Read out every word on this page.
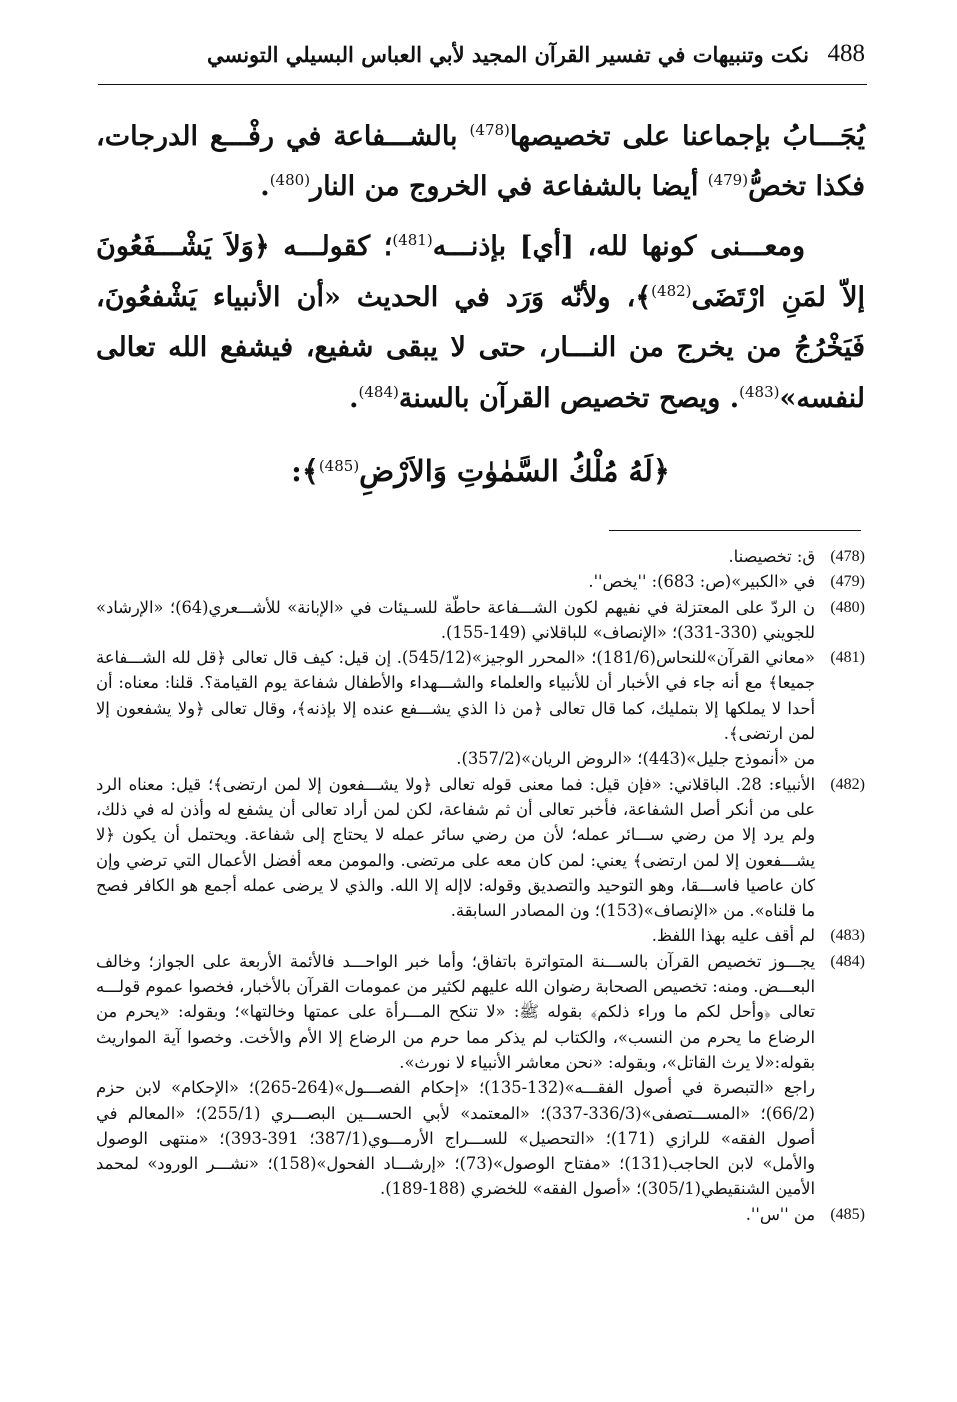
نكت وتنبيهات في تفسير القرآن المجيد لأبي العباس البسيلي التونسي 488

يُجَـــابُ بإجماعنا على تخصيصها$^{(478)}$ بالشـــفاعة في رفْـــع الدرجات، فكذا تخصُّ$^{(479)}$ أيضا بالشفاعة في الخروج من النار$^{(480)}$.

ومعـــنى كونها لله، [أي] بإذنـــه$^{(481)}$؛ كقولـــه ﴿وَلاَ يَشْـــفَعُونَ إلاّ لمَنِ ارْتَضَى$^{(482)}$﴾، ولأنّه وَرَد في الحديث «أن الأنبياء يَشْفعُونَ، فَيَخْرُجُ من يخرج من النـــار، حتى لا يبقى شفيع، فيشفع الله تعالى لنفسه»$^{(483)}$. ويصح تخصيص القرآن بالسنة$^{(484)}$.

﴿لَهُ مُلْكُ السَّمٰوٰتِ وَالاَرْضِ$^{(485)}$﴾:
(478)
ق: تخصيصنا.
(479)
في «الكبير»(ص: 683): ''يخص''.
(480)
ن الردّ على المعتزلة في نفيهم لكون الشـــفاعة حاطّة للسـيئات في «الإبانة» للأشـــعري(64)؛ «الإرشاد» للجويني (330-331)؛ «الإنصاف» للباقلاني (149-155).
(481)
«معاني القرآن»للنحاس(181/6)؛ «المحرر الوجيز»(545/12). إن قيل: كيف قال تعالى ﴿قل لله الشـــفاعة جميعا﴾ مع أنه جاء في الأخبار أن للأنبياء والعلماء والشـــهداء والأطفال شفاعة يوم القيامة؟. قلنا: معناه: أن أحدا لا يملكها إلا بتمليك، كما قال تعالى ﴿من ذا الذي يشـــفع عنده إلا بإذنه﴾، وقال تعالى ﴿ولا يشفعون إلا لمن ارتضى﴾.
من «أنموذج جليل»(443)؛ «الروض الريان»(357/2).
(482)
الأنبياء: 28. الباقلاني: «فإن قيل: فما معنى قوله تعالى ﴿ولا يشـــفعون إلا لمن ارتضى﴾؛ قيل: معناه الرد على من أنكر أصل الشفاعة، فأخبر تعالى أن ثم شفاعة، لكن لمن أراد تعالى أن يشفع له وأذن له في ذلك، ولم يرد إلا من رضي ســـائر عمله؛ لأن من رضي سائر عمله لا يحتاج إلى شفاعة. ويحتمل أن يكون ﴿لا يشـــفعون إلا لمن ارتضى﴾ يعني: لمن كان معه على مرتضى. والمومن معه أفضل الأعمال التي ترضي وإن كان عاصيا فاســـقا، وهو التوحيد والتصديق وقوله: لاإله إلا الله. والذي لا يرضى عمله أجمع هو الكافر فصح ما قلناه». من «الإنصاف»(153)؛ ون المصادر السابقة.
(483)
لم أقف عليه بهذا اللفظ.
(484)
يجـــوز تخصيص القرآن بالســـنة المتواترة باتفاق؛ وأما خبر الواحـــد فالأئمة الأربعة على الجواز؛ وخالف البعـــض. ومنه: تخصيص الصحابة رضوان الله عليهم لكثير من عمومات القرآن بالأخبار، فخصوا عموم قولـــه تعالى ﴿وأحل لكم ما وراء ذلكم﴾ بقوله ﷺ: «لا تنكح المـــرأة على عمتها وخالتها»؛ وبقوله: «يحرم من الرضاع ما يحرم من النسب»، والكتاب لم يذكر مما حرم من الرضاع إلا الأم والأخت. وخصوا آية المواريث بقوله:«لا يرث القاتل»، وبقوله: «نحن معاشر الأنبياء لا نورث».
راجع «التبصرة في أصول الفقـــه»(132-135)؛ «إحكام الفصـــول»(264-265)؛ «الإحكام» لابن حزم (66/2)؛ «المســـتصفى»(336/3-337)؛ «المعتمد» لأبي الحســـين البصـــري (255/1)؛ «المعالم في أصول الفقه» للرازي (171)؛ «التحصيل» للســـراج الأرمـــوي(387/1؛ 391-393)؛ «منتهى الوصول والأمل» لابن الحاجب(131)؛ «مفتاح الوصول»(73)؛ «إرشـــاد الفحول»(158)؛ «نشـــر الورود» لمحمد الأمين الشنقيطي(305/1)؛ «أصول الفقه» للخضري (188-189).
(485)
من ''س''.
